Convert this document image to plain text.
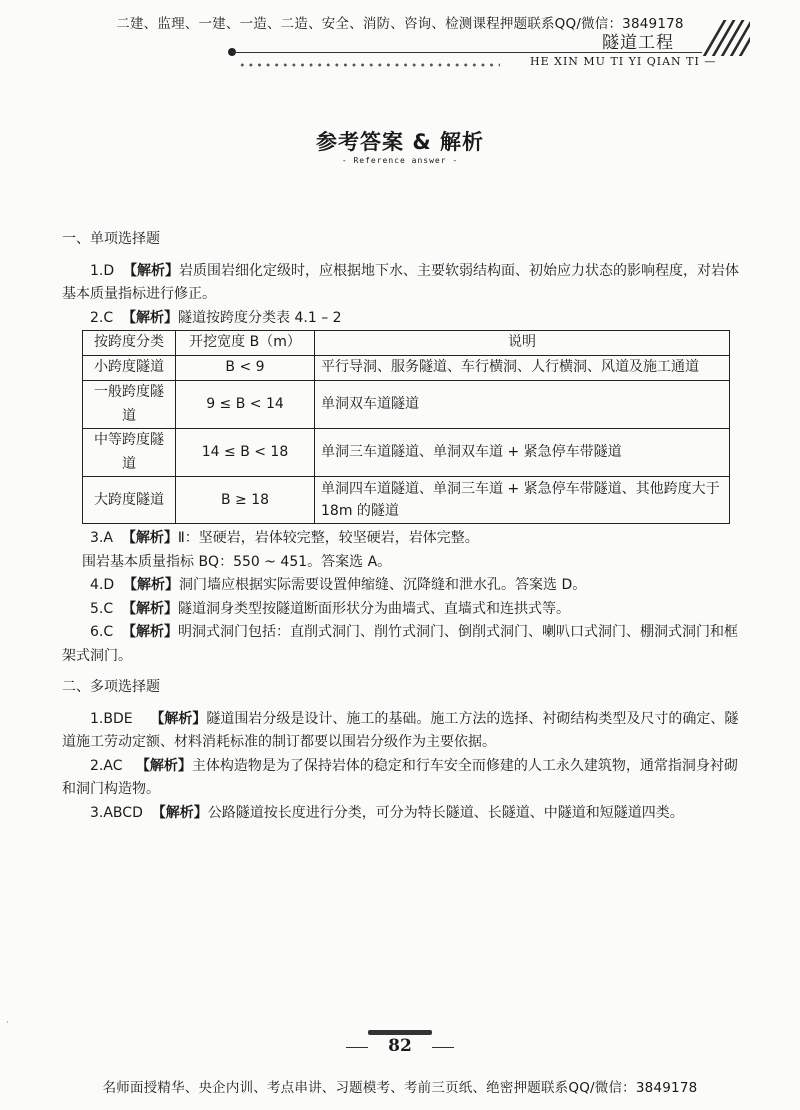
二建、监理、一建、一造、二造、安全、消防、咨询、检测课程押题联系QQ/微信：3849178
隧道工程
HE XIN MU TI YI QIAN TI —
参考答案 & 解析
- Reference answer -
一、单项选择题

1.D 【解析】岩质围岩细化定级时，应根据地下水、主要软弱结构面、初始应力状态的影响程度，对岩体基本质量指标进行修正。

2.C 【解析】隧道按跨度分类表 4.1 – 2

按跨度分类	开挖宽度 B（m）	说明
小跨度隧道	B < 9	平行导洞、服务隧道、车行横洞、人行横洞、风道及施工通道
一般跨度隧道	9 ≤ B < 14	单洞双车道隧道
中等跨度隧道	14 ≤ B < 18	单洞三车道隧道、单洞双车道 + 紧急停车带隧道
大跨度隧道	B ≥ 18	单洞四车道隧道、单洞三车道 + 紧急停车带隧道、其他跨度大于 18m 的隧道

3.A 【解析】Ⅱ：坚硬岩，岩体较完整，较坚硬岩，岩体完整。

围岩基本质量指标 BQ：550 ~ 451。答案选 A。

4.D 【解析】洞门墙应根据实际需要设置伸缩缝、沉降缝和泄水孔。答案选 D。

5.C 【解析】隧道洞身类型按隧道断面形状分为曲墙式、直墙式和连拱式等。

6.C 【解析】明洞式洞门包括：直削式洞门、削竹式洞门、倒削式洞门、喇叭口式洞门、棚洞式洞门和框架式洞门。

二、多项选择题

1.BDE 【解析】隧道围岩分级是设计、施工的基础。施工方法的选择、衬砌结构类型及尺寸的确定、隧道施工劳动定额、材料消耗标准的制订都要以围岩分级作为主要依据。

2.AC 【解析】主体构造物是为了保持岩体的稳定和行车安全而修建的人工永久建筑物，通常指洞身衬砌和洞门构造物。

3.ABCD 【解析】公路隧道按长度进行分类，可分为特长隧道、长隧道、中隧道和短隧道四类。

82
名师面授精华、央企内训、考点串讲、习题模考、考前三页纸、绝密押题联系QQ/微信：3849178
·
